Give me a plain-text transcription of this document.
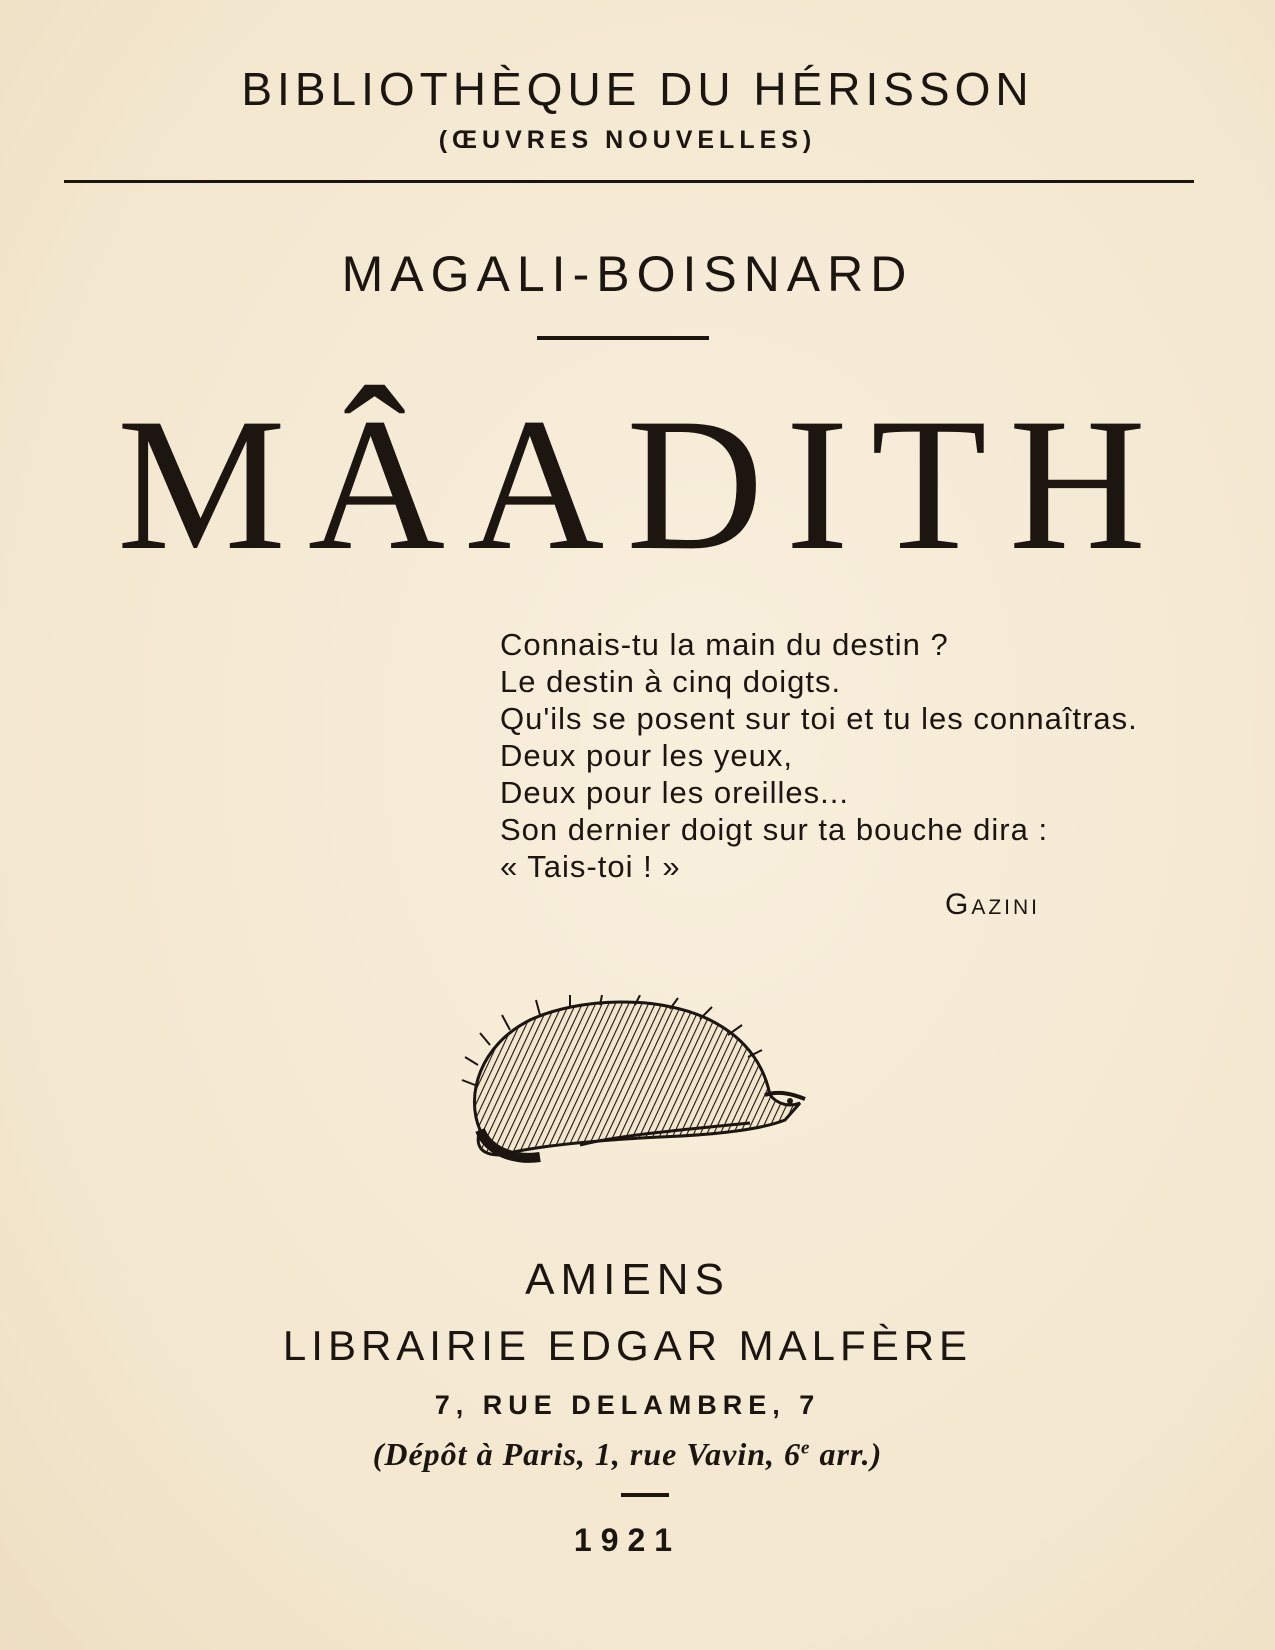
BIBLIOTHÈQUE DU HÉRISSON
(ŒUVRES NOUVELLES)
MAGALI-BOISNARD
MÂADITH
Connais-tu la main du destin ?
Le destin à cinq doigts.
Qu'ils se posent sur toi et tu les connaîtras.
Deux pour les yeux,
Deux pour les oreilles...
Son dernier doigt sur ta bouche dira :
« Tais-toi ! »
Gazini
AMIENS
LIBRAIRIE EDGAR MALFÈRE
7, RUE DELAMBRE, 7
(Dépôt à Paris, 1, rue Vavin, 6e arr.)
1921
